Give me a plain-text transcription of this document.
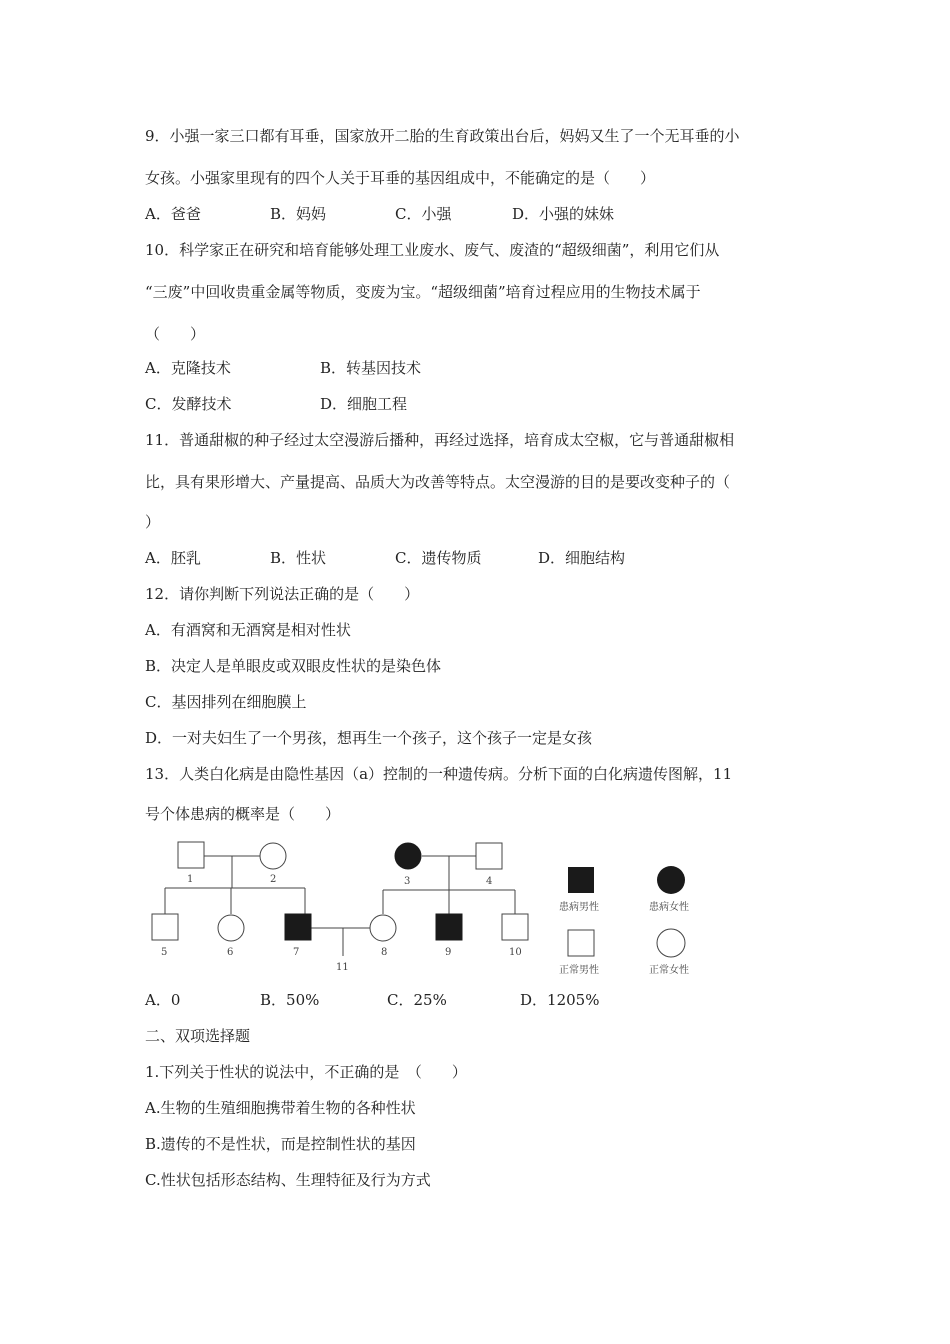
9．小强一家三口都有耳垂，国家放开二胎的生育政策出台后，妈妈又生了一个无耳垂的小
女孩。小强家里现有的四个人关于耳垂的基因组成中，不能确定的是（　　）
A．爸爸	B．妈妈	C．小强	D．小强的妹妹
10．科学家正在研究和培育能够处理工业废水、废气、废渣的“超级细菌”，利用它们从
“三废”中回收贵重金属等物质，变废为宝。“超级细菌”培育过程应用的生物技术属于
（　　）
A．克隆技术	B．转基因技术
C．发酵技术	D．细胞工程
11．普通甜椒的种子经过太空漫游后播种，再经过选择，培育成太空椒，它与普通甜椒相
比，具有果形增大、产量提高、品质大为改善等特点。太空漫游的目的是要改变种子的（
）
A．胚乳	B．性状	C．遗传物质	D．细胞结构
12．请你判断下列说法正确的是（　　）
A．有酒窝和无酒窝是相对性状
B．决定人是单眼皮或双眼皮性状的是染色体
C．基因排列在细胞膜上
D．一对夫妇生了一个男孩，想再生一个孩子，这个孩子一定是女孩
13．人类白化病是由隐性基因（a）控制的一种遗传病。分析下面的白化病遗传图解，11
号个体患病的概率是（　　）
1	2	3	4
5	6	7	8	9	10
11
患病男性	患病女性
正常男性	正常女性
A．0	B．50%	C．25%	D．1205%
二、双项选择题
1.下列关于性状的说法中，不正确的是　（　　）
A.生物的生殖细胞携带着生物的各种性状
B.遗传的不是性状，而是控制性状的基因
C.性状包括形态结构、生理特征及行为方式
